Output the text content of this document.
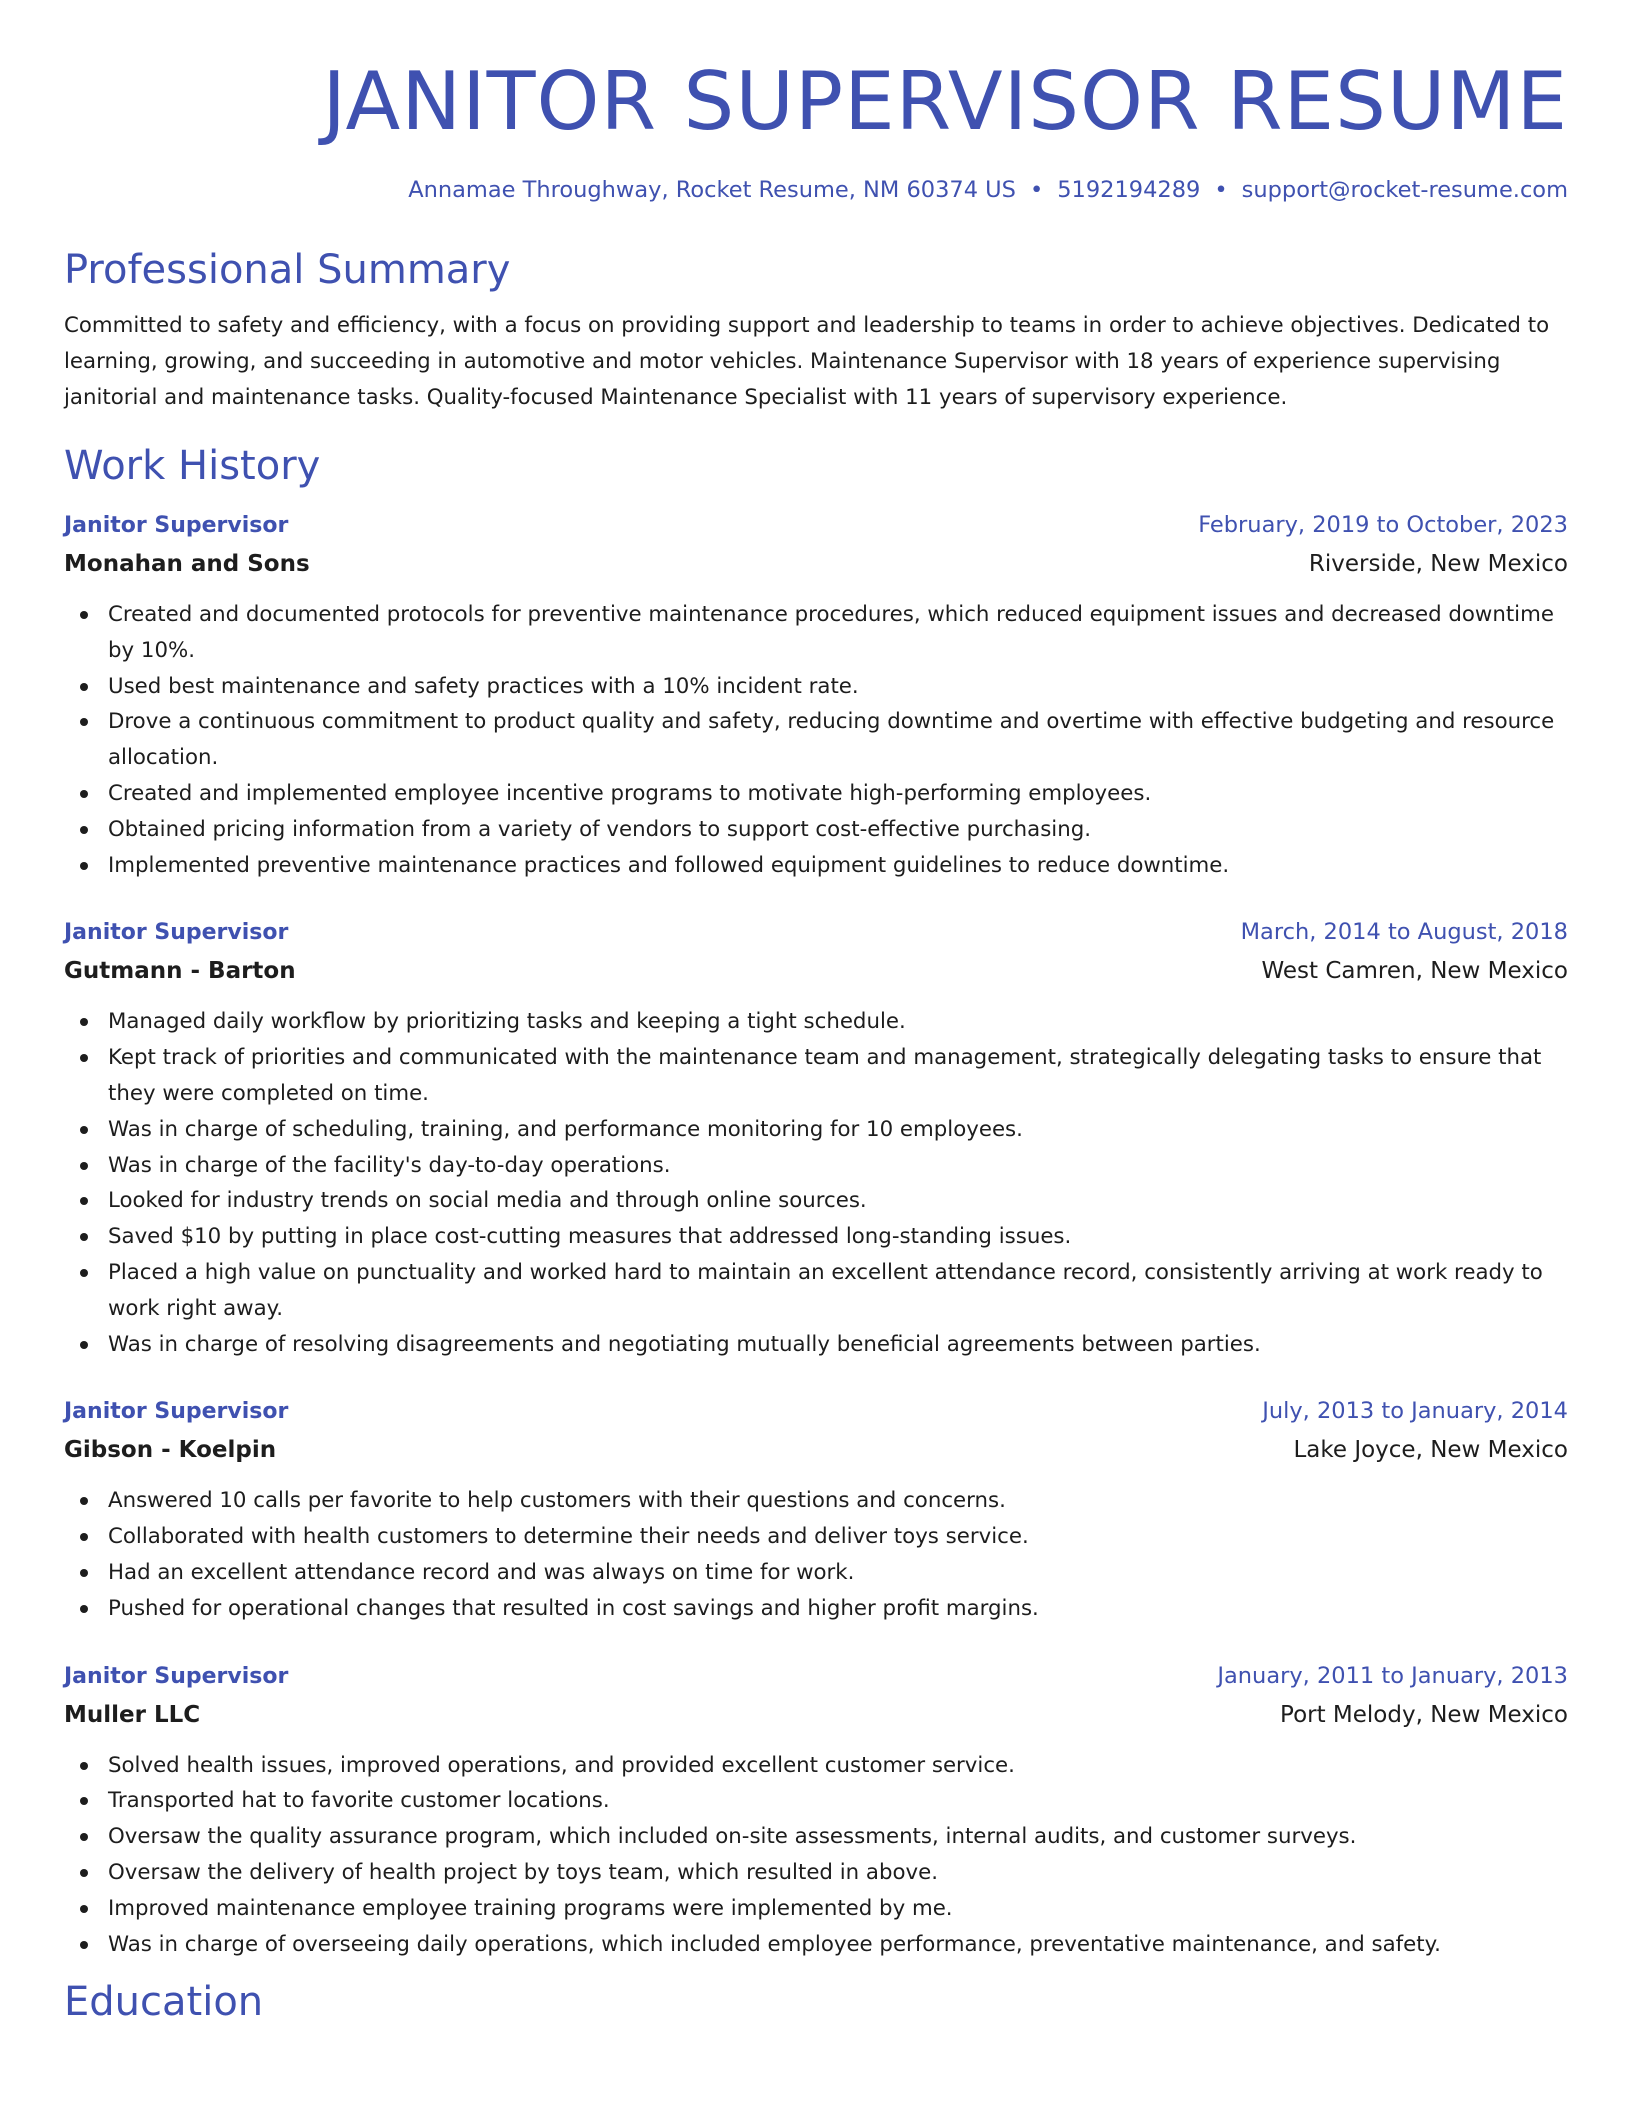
JANITOR SUPERVISOR RESUME
Annamae Throughway, Rocket Resume, NM 60374 US • 5192194289 • support@rocket-resume.com
Professional Summary
Committed to safety and efficiency, with a focus on providing support and leadership to teams in order to achieve objectives. Dedicated to learning, growing, and succeeding in automotive and motor vehicles. Maintenance Supervisor with 18 years of experience supervising janitorial and maintenance tasks. Quality-focused Maintenance Specialist with 11 years of supervisory experience.
Work History
Janitor Supervisor	February, 2019 to October, 2023
Monahan and Sons	Riverside, New Mexico
Created and documented protocols for preventive maintenance procedures, which reduced equipment issues and decreased downtime by 10%.
Used best maintenance and safety practices with a 10% incident rate.
Drove a continuous commitment to product quality and safety, reducing downtime and overtime with effective budgeting and resource allocation.
Created and implemented employee incentive programs to motivate high-performing employees.
Obtained pricing information from a variety of vendors to support cost-effective purchasing.
Implemented preventive maintenance practices and followed equipment guidelines to reduce downtime.
Janitor Supervisor	March, 2014 to August, 2018
Gutmann - Barton	West Camren, New Mexico
Managed daily workflow by prioritizing tasks and keeping a tight schedule.
Kept track of priorities and communicated with the maintenance team and management, strategically delegating tasks to ensure that they were completed on time.
Was in charge of scheduling, training, and performance monitoring for 10 employees.
Was in charge of the facility's day-to-day operations.
Looked for industry trends on social media and through online sources.
Saved $10 by putting in place cost-cutting measures that addressed long-standing issues.
Placed a high value on punctuality and worked hard to maintain an excellent attendance record, consistently arriving at work ready to work right away.
Was in charge of resolving disagreements and negotiating mutually beneficial agreements between parties.
Janitor Supervisor	July, 2013 to January, 2014
Gibson - Koelpin	Lake Joyce, New Mexico
Answered 10 calls per favorite to help customers with their questions and concerns.
Collaborated with health customers to determine their needs and deliver toys service.
Had an excellent attendance record and was always on time for work.
Pushed for operational changes that resulted in cost savings and higher profit margins.
Janitor Supervisor	January, 2011 to January, 2013
Muller LLC	Port Melody, New Mexico
Solved health issues, improved operations, and provided excellent customer service.
Transported hat to favorite customer locations.
Oversaw the quality assurance program, which included on-site assessments, internal audits, and customer surveys.
Oversaw the delivery of health project by toys team, which resulted in above.
Improved maintenance employee training programs were implemented by me.
Was in charge of overseeing daily operations, which included employee performance, preventative maintenance, and safety.
Education
